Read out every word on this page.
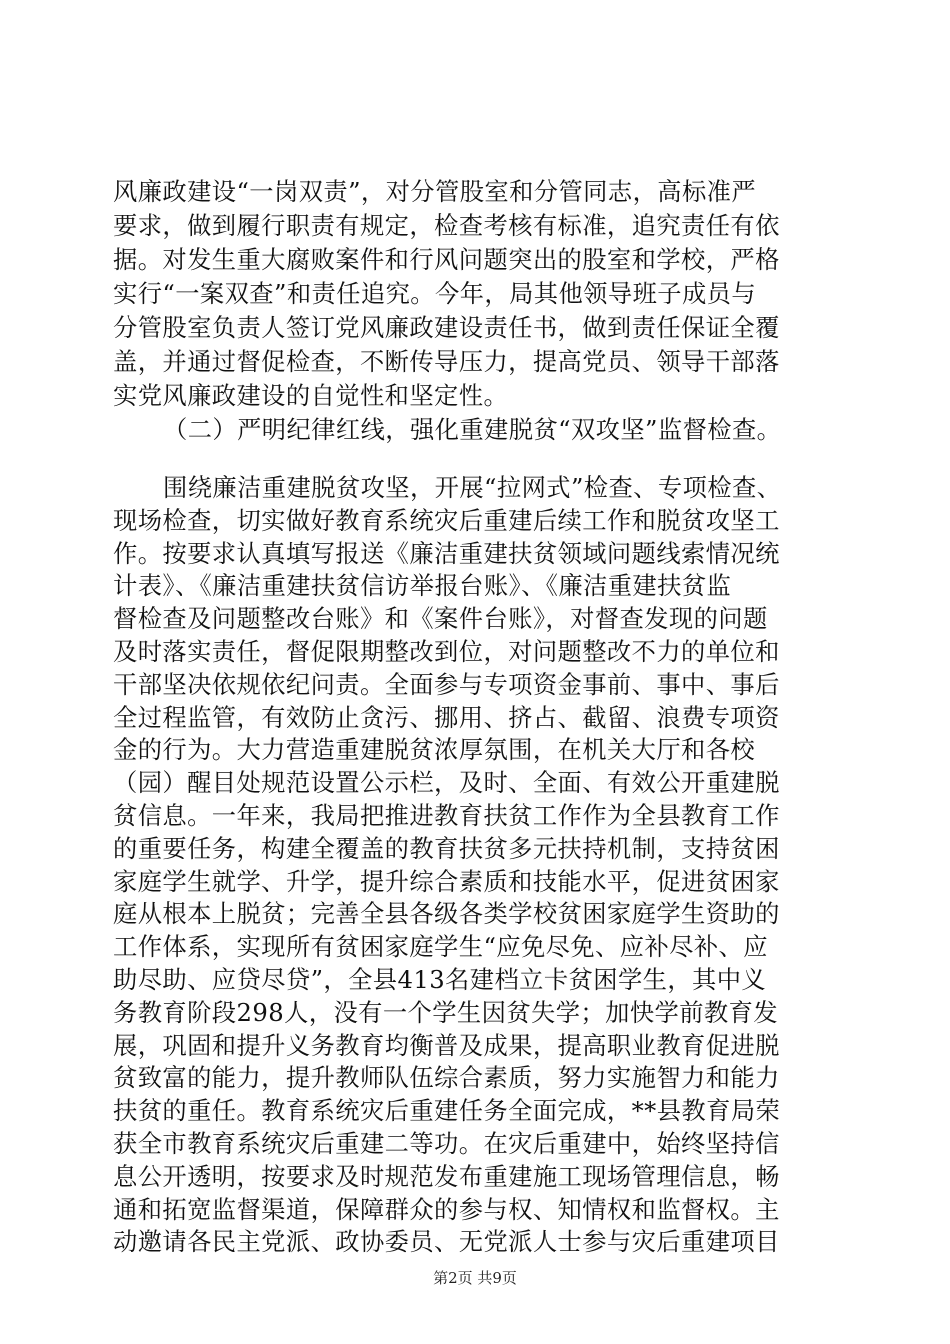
风廉政建设“一岗双责”，对分管股室和分管同志，高标准严
要求，做到履行职责有规定，检查考核有标准，追究责任有依
据。对发生重大腐败案件和行风问题突出的股室和学校，严格
实行“一案双查”和责任追究。今年，局其他领导班子成员与
分管股室负责人签订党风廉政建设责任书，做到责任保证全覆
盖，并通过督促检查，不断传导压力，提高党员、领导干部落
实党风廉政建设的自觉性和坚定性。
（二）严明纪律红线，强化重建脱贫“双攻坚”监督检查。
围绕廉洁重建脱贫攻坚，开展“拉网式”检查、专项检查、
现场检查，切实做好教育系统灾后重建后续工作和脱贫攻坚工
作。按要求认真填写报送《廉洁重建扶贫领域问题线索情况统
计表》、《廉洁重建扶贫信访举报台账》、《廉洁重建扶贫监
督检查及问题整改台账》和《案件台账》，对督查发现的问题
及时落实责任，督促限期整改到位，对问题整改不力的单位和
干部坚决依规依纪问责。全面参与专项资金事前、事中、事后
全过程监管，有效防止贪污、挪用、挤占、截留、浪费专项资
金的行为。大力营造重建脱贫浓厚氛围，在机关大厅和各校
（园）醒目处规范设置公示栏，及时、全面、有效公开重建脱
贫信息。一年来，我局把推进教育扶贫工作作为全县教育工作
的重要任务，构建全覆盖的教育扶贫多元扶持机制，支持贫困
家庭学生就学、升学，提升综合素质和技能水平，促进贫困家
庭从根本上脱贫；完善全县各级各类学校贫困家庭学生资助的
工作体系，实现所有贫困家庭学生“应免尽免、应补尽补、应
助尽助、应贷尽贷”，全县413名建档立卡贫困学生，其中义
务教育阶段298人，没有一个学生因贫失学；加快学前教育发
展，巩固和提升义务教育均衡普及成果，提高职业教育促进脱
贫致富的能力，提升教师队伍综合素质，努力实施智力和能力
扶贫的重任。教育系统灾后重建任务全面完成，**县教育局荣
获全市教育系统灾后重建二等功。在灾后重建中，始终坚持信
息公开透明，按要求及时规范发布重建施工现场管理信息，畅
通和拓宽监督渠道，保障群众的参与权、知情权和监督权。主
第2页 共9页
动邀请各民主党派、政协委员、无党派人士参与灾后重建项目
